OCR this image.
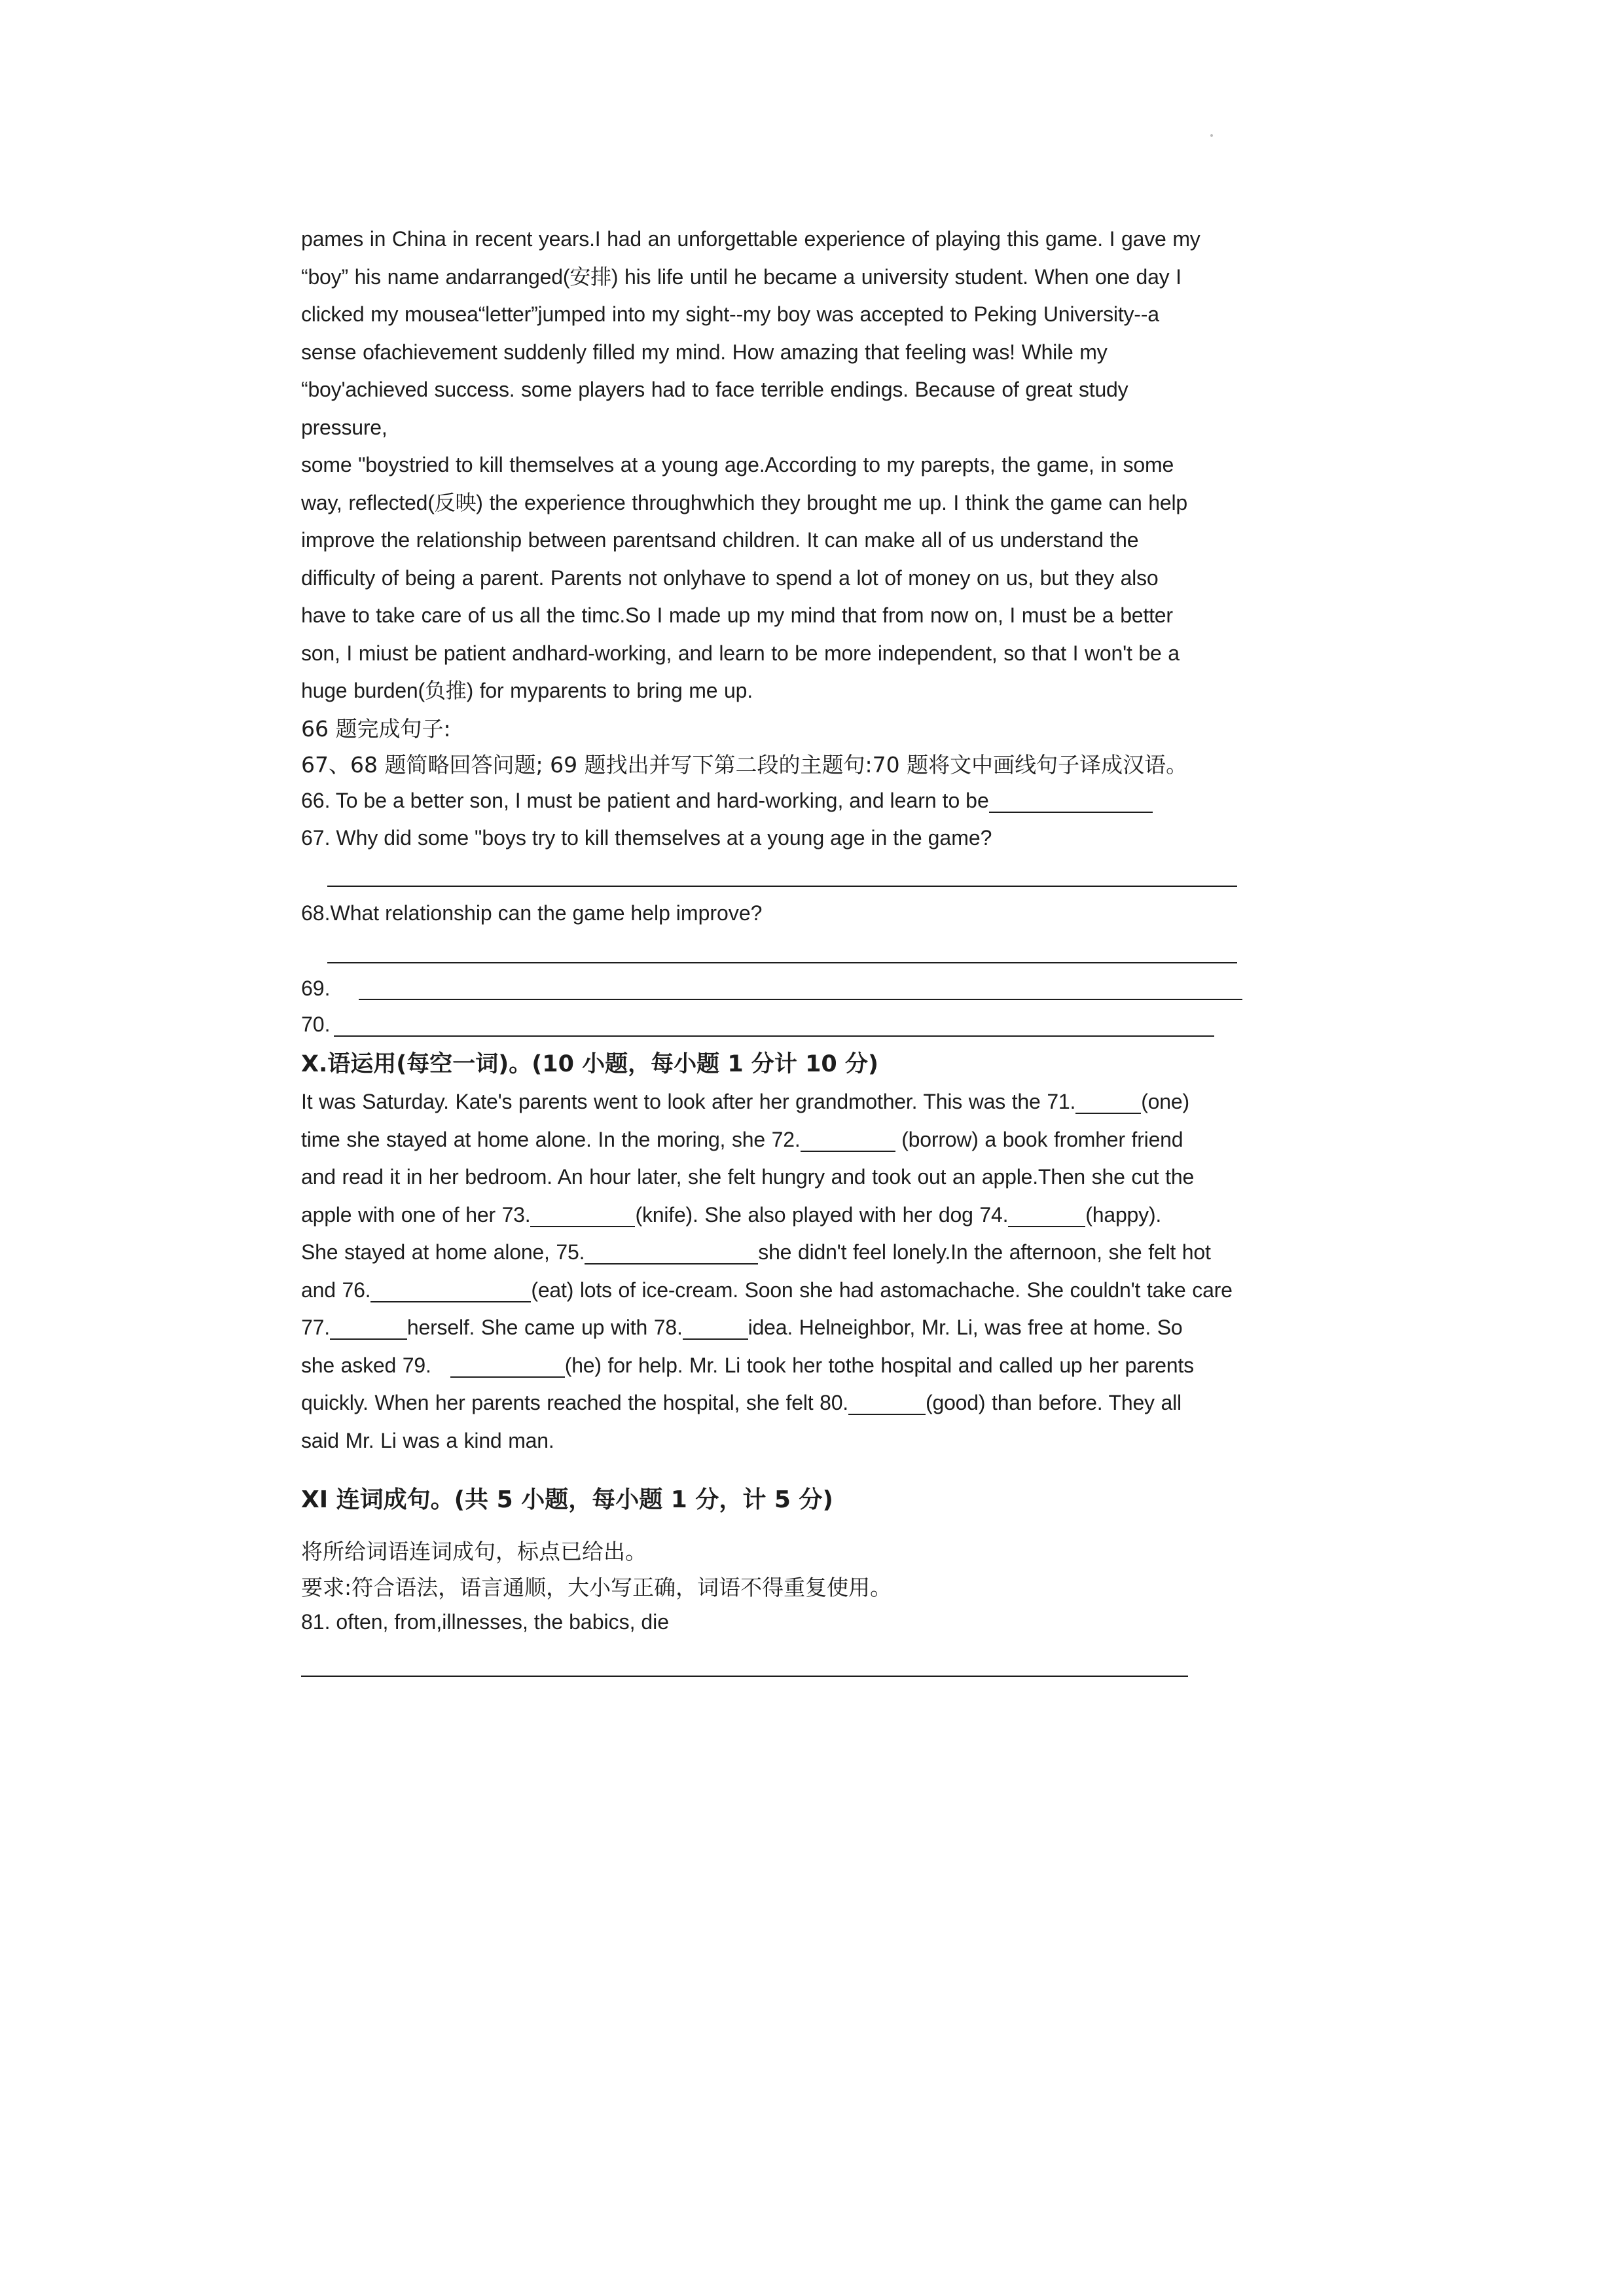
pames in China in recent years.I had an unforgettable experience of playing this game. I gave my
“boy” his name andarranged(安排) his life until he became a university student. When one day I
clicked my mousea“letter”jumped into my sight--my boy was accepted to Peking University--a
sense ofachievement suddenly filled my mind. How amazing that feeling was! While my
“boy'achieved success. some players had to face terrible endings. Because of great study
pressure,
some "boystried to kill themselves at a young age.According to my parepts, the game, in some
way, reflected(反映) the experience throughwhich they brought me up. I think the game can help
improve the relationship between parentsand children. It can make all of us understand the
difficulty of being a parent. Parents not onlyhave to spend a lot of money on us, but they also
have to take care of us all the timc.So I made up my mind that from now on, I must be a better
son, I miust be patient andhard-working, and learn to be more independent, so that I won't be a
huge burden(负推) for myparents to bring me up.

66 题完成句子:
67、68 题简略回答问题; 69 题找出并写下第二段的主题句:70 题将文中画线句子译成汉语。
66. To be a better son, I must be patient and hard-working, and learn to be
67. Why did some "boys try to kill themselves at a young age in the game?
68.What relationship can the game help improve?
69.
70.
X.语运用(每空一词)。(10 小题，每小题 1 分计 10 分)

It was Saturday. Kate's parents went to look after her grandmother. This was the 71.	(one)
time she stayed at home alone. In the moring, she 72.	(borrow) a book fromher friend
and read it in her bedroom. An hour later, she felt hungry and took out an apple.Then she cut the
apple with one of her 73.	(knife). She also played with her dog 74.	(happy).
She stayed at home alone, 75.	she didn't feel lonely.In the afternoon, she felt hot
and 76.	(eat) lots of ice-cream. Soon she had astomachache. She couldn't take care
77.	herself. She came up with 78.	idea. Helneighbor, Mr. Li, was free at home. So
she asked 79.	(he) for help. Mr. Li took her tothe hospital and called up her parents
quickly. When her parents reached the hospital, she felt 80.	(good) than before. They all
said Mr. Li was a kind man.

XI 连词成句。(共 5 小题，每小题 1 分，计 5 分)
将所给词语连词成句，标点已给出。
要求:符合语法，语言通顺，大小写正确，词语不得重复使用。
81. often, from,illnesses, the babics, die
